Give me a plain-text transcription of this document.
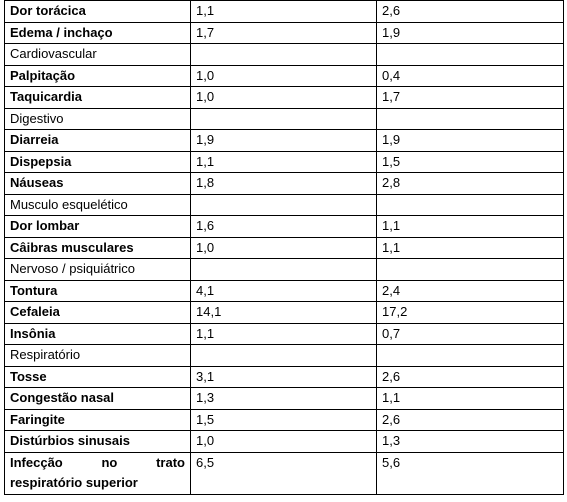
Dor torácica	1,1	2,6
Edema / inchaço	1,7	1,9
Cardiovascular		
Palpitação	1,0	0,4
Taquicardia	1,0	1,7
Digestivo		
Diarreia	1,9	1,9
Dispepsia	1,1	1,5
Náuseas	1,8	2,8
Musculo esquelético		
Dor lombar	1,6	1,1
Câibras musculares	1,0	1,1
Nervoso / psiquiátrico		
Tontura	4,1	2,4
Cefaleia	14,1	17,2
Insônia	1,1	0,7
Respiratório		
Tosse	3,1	2,6
Congestão nasal	1,3	1,1
Faringite	1,5	2,6
Distúrbios sinusais	1,0	1,3
Infecção no trato respiratório superior	6,5	5,6
